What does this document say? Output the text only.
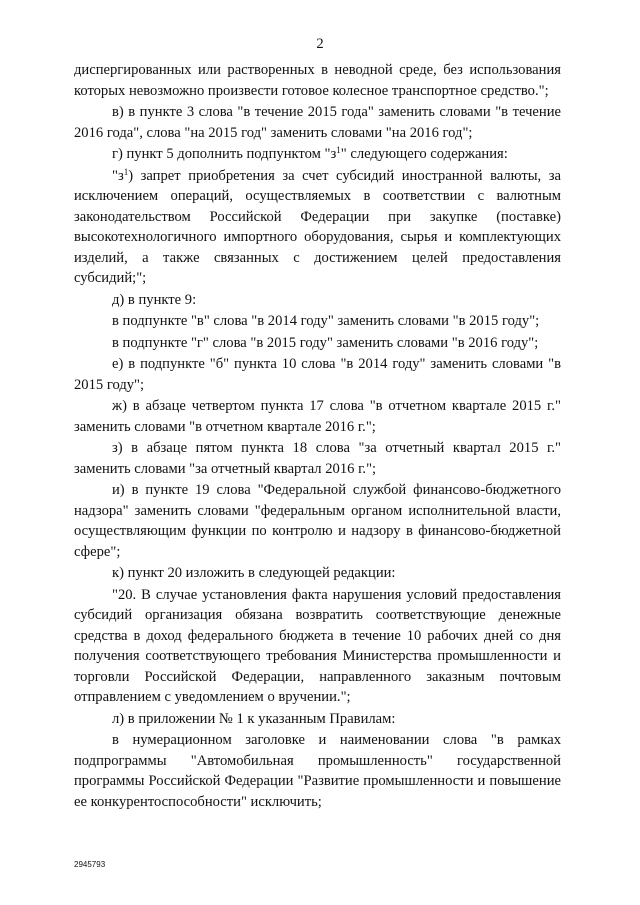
2

диспергированных или растворенных в неводной среде, без использования которых невозможно произвести готовое колесное транспортное средство.";

в) в пункте 3 слова "в течение 2015 года" заменить словами "в течение 2016 года", слова "на 2015 год" заменить словами "на 2016 год";

г) пункт 5 дополнить подпунктом "$з^1$" следующего содержания:

"$з^1$) запрет приобретения за счет субсидий иностранной валюты, за исключением операций, осуществляемых в соответствии с валютным законодательством Российской Федерации при закупке (поставке) высокотехнологичного импортного оборудования, сырья и комплектующих изделий, а также связанных с достижением целей предоставления субсидий;";

д) в пункте 9:

в подпункте "в" слова "в 2014 году" заменить словами "в 2015 году";

в подпункте "г" слова "в 2015 году" заменить словами "в 2016 году";

е) в подпункте "б" пункта 10 слова "в 2014 году" заменить словами "в 2015 году";

ж) в абзаце четвертом пункта 17 слова "в отчетном квартале 2015 г." заменить словами "в отчетном квартале 2016 г.";

з) в абзаце пятом пункта 18 слова "за отчетный квартал 2015 г." заменить словами "за отчетный квартал 2016 г.";

и) в пункте 19 слова "Федеральной службой финансово-бюджетного надзора" заменить словами "федеральным органом исполнительной власти, осуществляющим функции по контролю и надзору в финансово-бюджетной сфере";

к) пункт 20 изложить в следующей редакции:

"20. В случае установления факта нарушения условий предоставления субсидий организация обязана возвратить соответствующие денежные средства в доход федерального бюджета в течение 10 рабочих дней со дня получения соответствующего требования Министерства промышленности и торговли Российской Федерации, направленного заказным почтовым отправлением с уведомлением о вручении.";

л) в приложении № 1 к указанным Правилам:

в нумерационном заголовке и наименовании слова "в рамках подпрограммы "Автомобильная промышленность" государственной программы Российской Федерации "Развитие промышленности и повышение ее конкурентоспособности" исключить;

2945793
